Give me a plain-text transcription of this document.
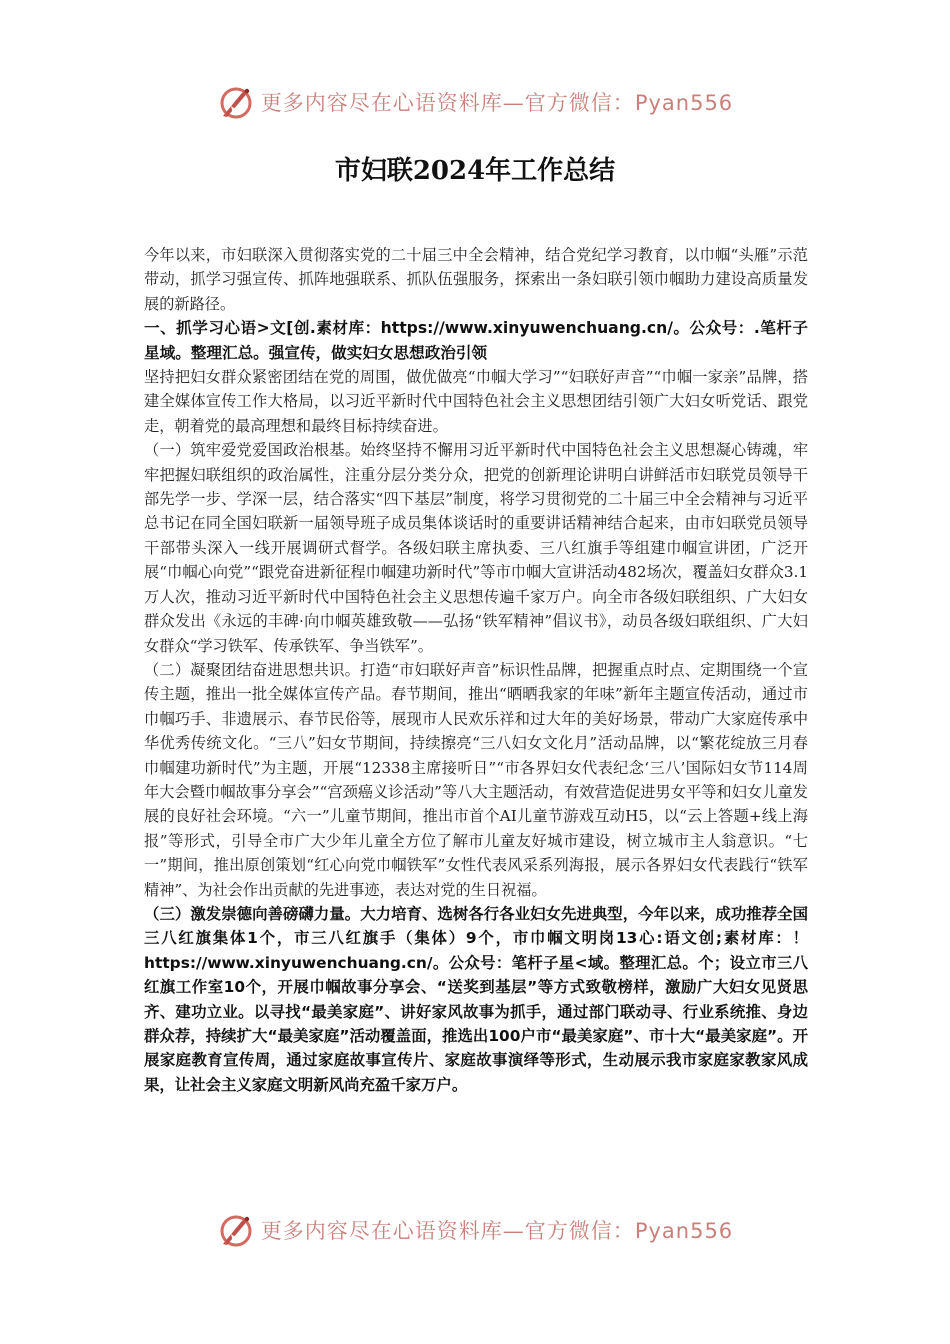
更多内容尽在心语资料库—官方微信：Pyan556
市妇联2024年工作总结

今年以来，市妇联深入贯彻落实党的二十届三中全会精神，结合党纪学习教育，以巾帼“头雁”示范带动，抓学习强宣传、抓阵地强联系、抓队伍强服务，探索出一条妇联引领巾帼助力建设高质量发展的新路径。

一、抓学习心语>文[创.素材库：https://www.xinyuwenchuang.cn/。公众号：.笔杆子星域。整理汇总。强宣传，做实妇女思想政治引领

坚持把妇女群众紧密团结在党的周围，做优做亮“巾帼大学习”“妇联好声音”“巾帼一家亲”品牌，搭建全媒体宣传工作大格局，以习近平新时代中国特色社会主义思想团结引领广大妇女听党话、跟党走，朝着党的最高理想和最终目标持续奋进。

（一）筑牢爱党爱国政治根基。始终坚持不懈用习近平新时代中国特色社会主义思想凝心铸魂，牢牢把握妇联组织的政治属性，注重分层分类分众，把党的创新理论讲明白讲鲜活市妇联党员领导干部先学一步、学深一层，结合落实“四下基层”制度，将学习贯彻党的二十届三中全会精神与习近平总书记在同全国妇联新一届领导班子成员集体谈话时的重要讲话精神结合起来，由市妇联党员领导干部带头深入一线开展调研式督学。各级妇联主席执委、三八红旗手等组建巾帼宣讲团，广泛开展“巾帼心向党”“跟党奋进新征程巾帼建功新时代”等市巾帼大宣讲活动482场次，覆盖妇女群众3.1万人次，推动习近平新时代中国特色社会主义思想传遍千家万户。向全市各级妇联组织、广大妇女群众发出《永远的丰碑·向巾帼英雄致敬——弘扬“铁军精神”倡议书》，动员各级妇联组织、广大妇女群众“学习铁军、传承铁军、争当铁军”。

（二）凝聚团结奋进思想共识。打造“市妇联好声音”标识性品牌，把握重点时点、定期围绕一个宣传主题，推出一批全媒体宣传产品。春节期间，推出“晒晒我家的年味”新年主题宣传活动，通过市巾帼巧手、非遗展示、春节民俗等，展现市人民欢乐祥和过大年的美好场景，带动广大家庭传承中华优秀传统文化。“三八”妇女节期间，持续擦亮“三八妇女文化月”活动品牌，以“繁花绽放三月春 巾帼建功新时代”为主题，开展“12338主席接听日”“市各界妇女代表纪念‘三八’国际妇女节114周年大会暨巾帼故事分享会”“宫颈癌义诊活动”等八大主题活动，有效营造促进男女平等和妇女儿童发展的良好社会环境。“六一”儿童节期间，推出市首个AI儿童节游戏互动H5，以“云上答题+线上海报”等形式，引导全市广大少年儿童全方位了解市儿童友好城市建设，树立城市主人翁意识。“七一”期间，推出原创策划“红心向党巾帼铁军”女性代表风采系列海报，展示各界妇女代表践行“铁军精神”、为社会作出贡献的先进事迹，表达对党的生日祝福。

（三）激发崇德向善磅礴力量。大力培育、选树各行各业妇女先进典型，今年以来，成功推荐全国三八红旗集体1个，市三八红旗手（集体）9个，市巾帼文明岗13心:语文创;素材库：！https://www.xinyuwenchuang.cn/。公众号：笔杆子星<域。整理汇总。个；设立市三八红旗工作室10个，开展巾帼故事分享会、“送奖到基层”等方式致敬榜样，激励广大妇女见贤思齐、建功立业。以寻找“最美家庭”、讲好家风故事为抓手，通过部门联动寻、行业系统推、身边群众荐，持续扩大“最美家庭”活动覆盖面，推选出100户市“最美家庭”、市十大“最美家庭”。开展家庭教育宣传周，通过家庭故事宣传片、家庭故事演绎等形式，生动展示我市家庭家教家风成果，让社会主义家庭文明新风尚充盈千家万户。

更多内容尽在心语资料库—官方微信：Pyan556
